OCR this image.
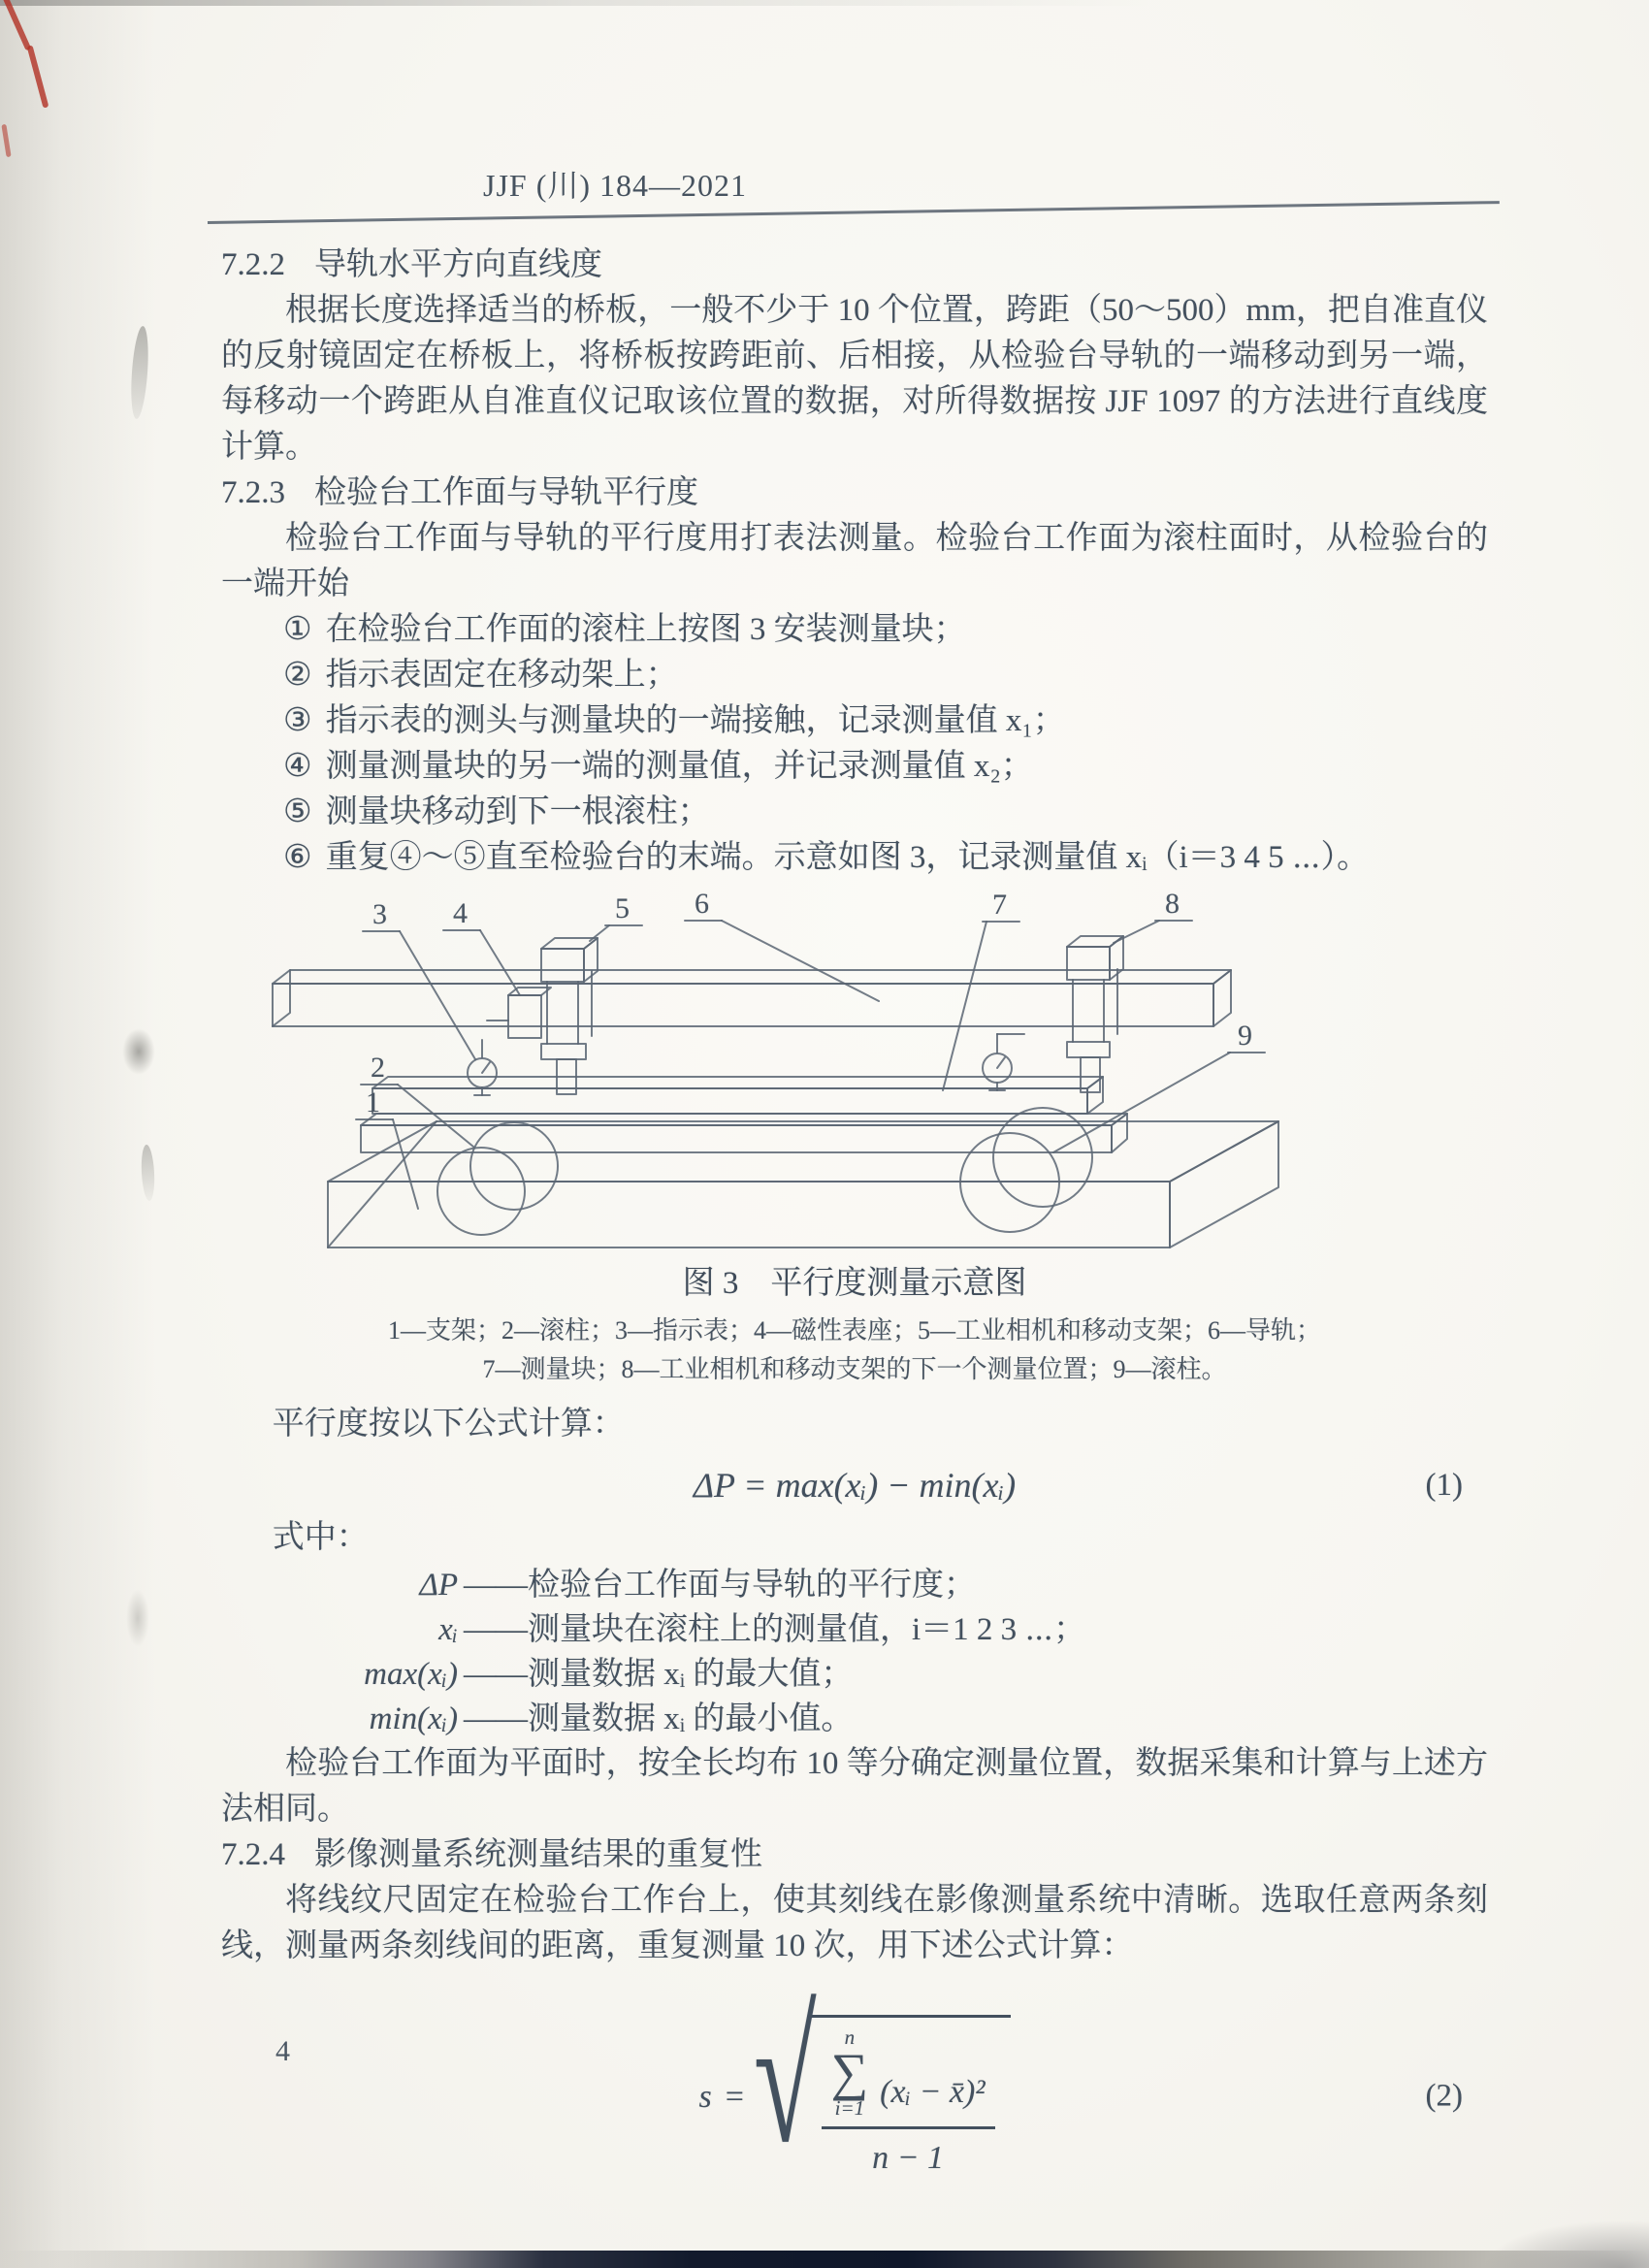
JJF (川) 184—2021
7.2.2 导轨水平方向直线度

根据长度选择适当的桥板，一般不少于 10 个位置，跨距（50～500）mm，把自准直仪的反射镜固定在桥板上，将桥板按跨距前、后相接，从检验台导轨的一端移动到另一端，每移动一个跨距从自准直仪记取该位置的数据，对所得数据按 JJF 1097 的方法进行直线度计算。

7.2.3 检验台工作面与导轨平行度

检验台工作面与导轨的平行度用打表法测量。检验台工作面为滚柱面时，从检验台的一端开始

① 在检验台工作面的滚柱上按图 3 安装测量块；
② 指示表固定在移动架上；
③ 指示表的测头与测量块的一端接触，记录测量值 x₁；
④ 测量测量块的另一端的测量值，并记录测量值 x₂；
⑤ 测量块移动到下一根滚柱；
⑥ 重复④～⑤直至检验台的末端。示意如图 3，记录测量值 xᵢ（i＝3 4 5 ⋯）。
1
2
3 4	5 6	7	8
9
图 3　平行度测量示意图
1—支架；2—滚柱；3—指示表；4—磁性表座；5—工业相机和移动支架；6—导轨；
7—测量块；8—工业相机和移动支架的下一个测量位置；9—滚柱。

平行度按以下公式计算：

ΔP = max(xᵢ) − min(xᵢ)	(1)

式中：

ΔP ——检验台工作面与导轨的平行度；
xᵢ ——测量块在滚柱上的测量值，i＝1 2 3 ⋯；
max(xᵢ) ——测量数据 xᵢ 的最大值；
min(xᵢ) ——测量数据 xᵢ 的最小值。

检验台工作面为平面时，按全长均布 10 等分确定测量位置，数据采集和计算与上述方法相同。

7.2.4 影像测量系统测量结果的重复性

将线纹尺固定在检验台工作台上，使其刻线在影像测量系统中清晰。选取任意两条刻线，测量两条刻线间的距离，重复测量 10 次，用下述公式计算：

s = √ n
∑
i=1 (xᵢ − x̄)²
n − 1
(2)
4
